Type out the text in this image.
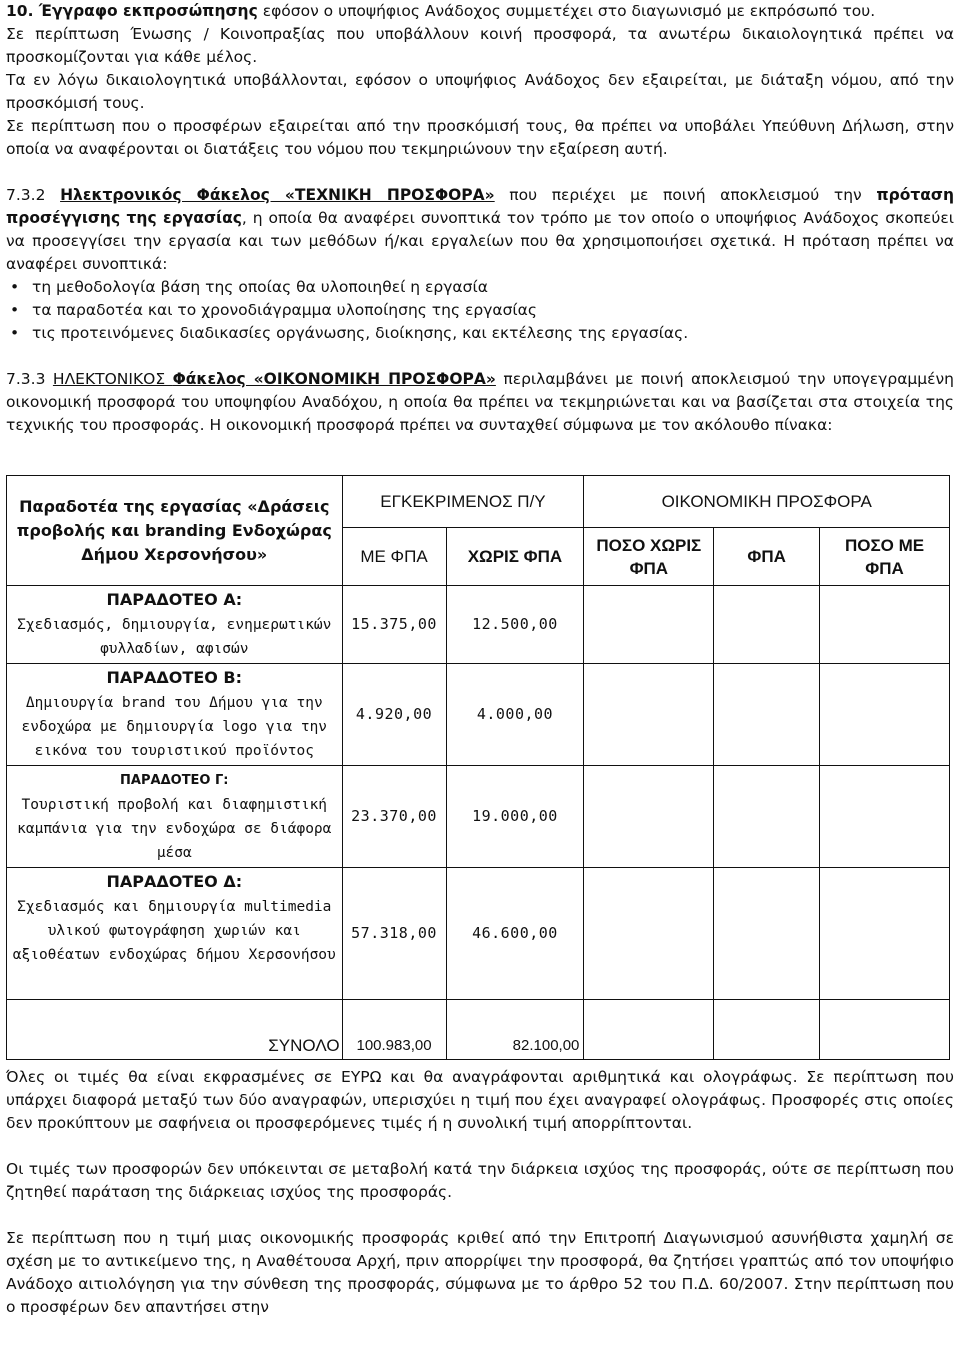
10. Έγγραφο εκπροσώπησης εφόσον ο υποψήφιος Ανάδοχος συμμετέχει στο διαγωνισμό με εκπρόσωπό του.

Σε περίπτωση Ένωσης / Κοινοπραξίας που υποβάλλουν κοινή προσφορά, τα ανωτέρω δικαιολογητικά πρέπει να προσκομίζονται για κάθε μέλος.

Τα εν λόγω δικαιολογητικά υποβάλλονται, εφόσον ο υποψήφιος Ανάδοχος δεν εξαιρείται, με διάταξη νόμου, από την προσκόμισή τους.

Σε περίπτωση που ο προσφέρων εξαιρείται από την προσκόμισή τους, θα πρέπει να υποβάλει Υπεύθυνη Δήλωση, στην οποία να αναφέρονται οι διατάξεις του νόμου που τεκμηριώνουν την εξαίρεση αυτή.

7.3.2 Ηλεκτρονικός Φάκελος «ΤΕΧΝΙΚΗ ΠΡΟΣΦΟΡΑ» που περιέχει με ποινή αποκλεισμού την πρόταση προσέγγισης της εργασίας, η οποία θα αναφέρει συνοπτικά τον τρόπο με τον οποίο ο υποψήφιος Ανάδοχος σκοπεύει να προσεγγίσει την εργασία και των μεθόδων ή/και εργαλείων που θα χρησιμοποιήσει σχετικά. Η πρόταση πρέπει να αναφέρει συνοπτικά:

• τη μεθοδολογία βάση της οποίας θα υλοποιηθεί η εργασία
• τα παραδοτέα και το χρονοδιάγραμμα υλοποίησης της εργασίας
• τις προτεινόμενες διαδικασίες οργάνωσης, διοίκησης, και εκτέλεσης της εργασίας.

7.3.3 ΗΛΕΚΤΟΝΙΚΟΣ Φάκελος «ΟΙΚΟΝΟΜΙΚΗ ΠΡΟΣΦΟΡΑ» περιλαμβάνει με ποινή αποκλεισμού την υπογεγραμμένη οικονομική προσφορά του υποψηφίου Αναδόχου, η οποία θα πρέπει να τεκμηριώνεται και να βασίζεται στα στοιχεία της τεχνικής του προσφοράς. Η οικονομική προσφορά πρέπει να συνταχθεί σύμφωνα με τον ακόλουθο πίνακα:

Παραδοτέα της εργασίας «Δράσεις προβολής και branding Ενδοχώρας Δήμου Χερσονήσου»	ΕΓΚΕΚΡΙΜΕΝΟΣ Π/Υ		ΟΙΚΟΝΟΜΙΚΗ ΠΡΟΣΦΟΡΑ		
	ΜΕ ΦΠΑ	ΧΩΡΙΣ ΦΠΑ	ΠΟΣΟ ΧΩΡΙΣ ΦΠΑ	ΦΠΑ	ΠΟΣΟ ΜΕ ΦΠΑ
ΠΑΡΑΔΟΤΕΟ Α:
Σχεδιασμός, δημιουργία, ενημερωτικών φυλλαδίων, αφισών	15.375,00	12.500,00			
ΠΑΡΑΔΟΤΕΟ Β:
Δημιουργία brand του Δήμου για την ενδοχώρα με δημιουργία logo για την εικόνα του τουριστικού προϊόντος	4.920,00	4.000,00			
ΠΑΡΑΔΟΤΕΟ Γ:
Τουριστική προβολή και διαφημιστική καμπάνια για την ενδοχώρα σε διάφορα μέσα	23.370,00	19.000,00			
ΠΑΡΑΔΟΤΕΟ Δ:
Σχεδιασμός και δημιουργία multimedia υλικού φωτογράφηση χωριών και αξιοθέατων ενδοχώρας δήμου Χερσονήσου	57.318,00	46.600,00			
ΣΥΝΟΛΟ	100.983,00	82.100,00			

Όλες οι τιμές θα είναι εκφρασμένες σε ΕΥΡΩ και θα αναγράφονται αριθμητικά και ολογράφως. Σε περίπτωση που υπάρχει διαφορά μεταξύ των δύο αναγραφών, υπερισχύει η τιμή που έχει αναγραφεί ολογράφως. Προσφορές στις οποίες δεν προκύπτουν με σαφήνεια οι προσφερόμενες τιμές ή η συνολική τιμή απορρίπτονται.

Οι τιμές των προσφορών δεν υπόκεινται σε μεταβολή κατά την διάρκεια ισχύος της προσφοράς, ούτε σε περίπτωση που ζητηθεί παράταση της διάρκειας ισχύος της προσφοράς.

Σε περίπτωση που η τιμή μιας οικονομικής προσφοράς κριθεί από την Επιτροπή Διαγωνισμού ασυνήθιστα χαμηλή σε σχέση με το αντικείμενο της, η Αναθέτουσα Αρχή, πριν απορρίψει την προσφορά, θα ζητήσει γραπτώς από τον υποψήφιο Ανάδοχο αιτιολόγηση για την σύνθεση της προσφοράς, σύμφωνα με το άρθρο 52 του Π.Δ. 60/2007. Στην περίπτωση που ο προσφέρων δεν απαντήσει στην
